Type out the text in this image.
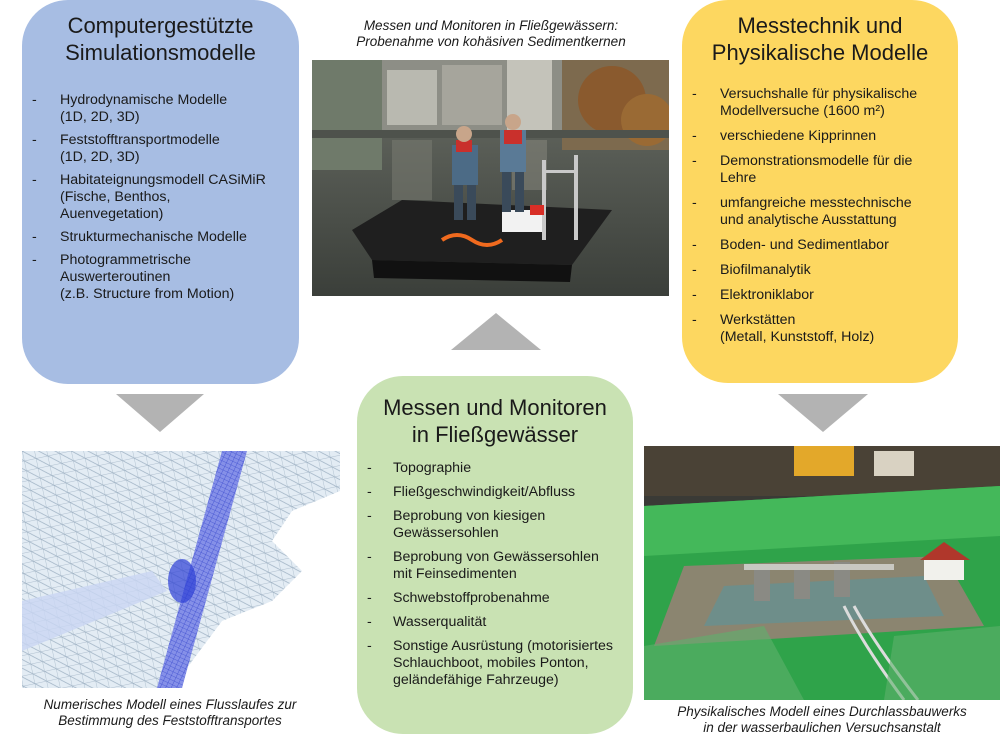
Computergestützte
Simulationsmodelle
- Hydrodynamische Modelle
(1D, 2D, 3D)
- Feststofftransportmodelle
(1D, 2D, 3D)
- Habitateignungsmodell CASiMiR
(Fische, Benthos,
Auenvegetation)
- Strukturmechanische Modelle
- Photogrammetrische
Auswerteroutinen
(z.B. Structure from Motion)
Messtechnik und
Physikalische Modelle
- Versuchshalle für physikalische
Modellversuche (1600 m²)
- verschiedene Kipprinnen
- Demonstrationsmodelle für die
Lehre
- umfangreiche messtechnische
und analytische Ausstattung
- Boden- und Sedimentlabor
- Biofilmanalytik
- Elektroniklabor
- Werkstätten
(Metall, Kunststoff, Holz)
Messen und Monitoren
in Fließgewässer
- Topographie
- Fließgeschwindigkeit/Abfluss
- Beprobung von kiesigen
Gewässersohlen
- Beprobung von Gewässersohlen
mit Feinsedimenten
- Schwebstoffprobenahme
- Wasserqualität
- Sonstige Ausrüstung (motorisiertes
Schlauchboot, mobiles Ponton,
geländefähige Fahrzeuge)
Messen und Monitoren in Fließgewässern:
Probenahme von kohäsiven Sedimentkernen
Numerisches Modell eines Flusslaufes zur
Bestimmung des Feststofftransportes
Physikalisches Modell eines Durchlassbauwerks
in der wasserbaulichen Versuchsanstalt
